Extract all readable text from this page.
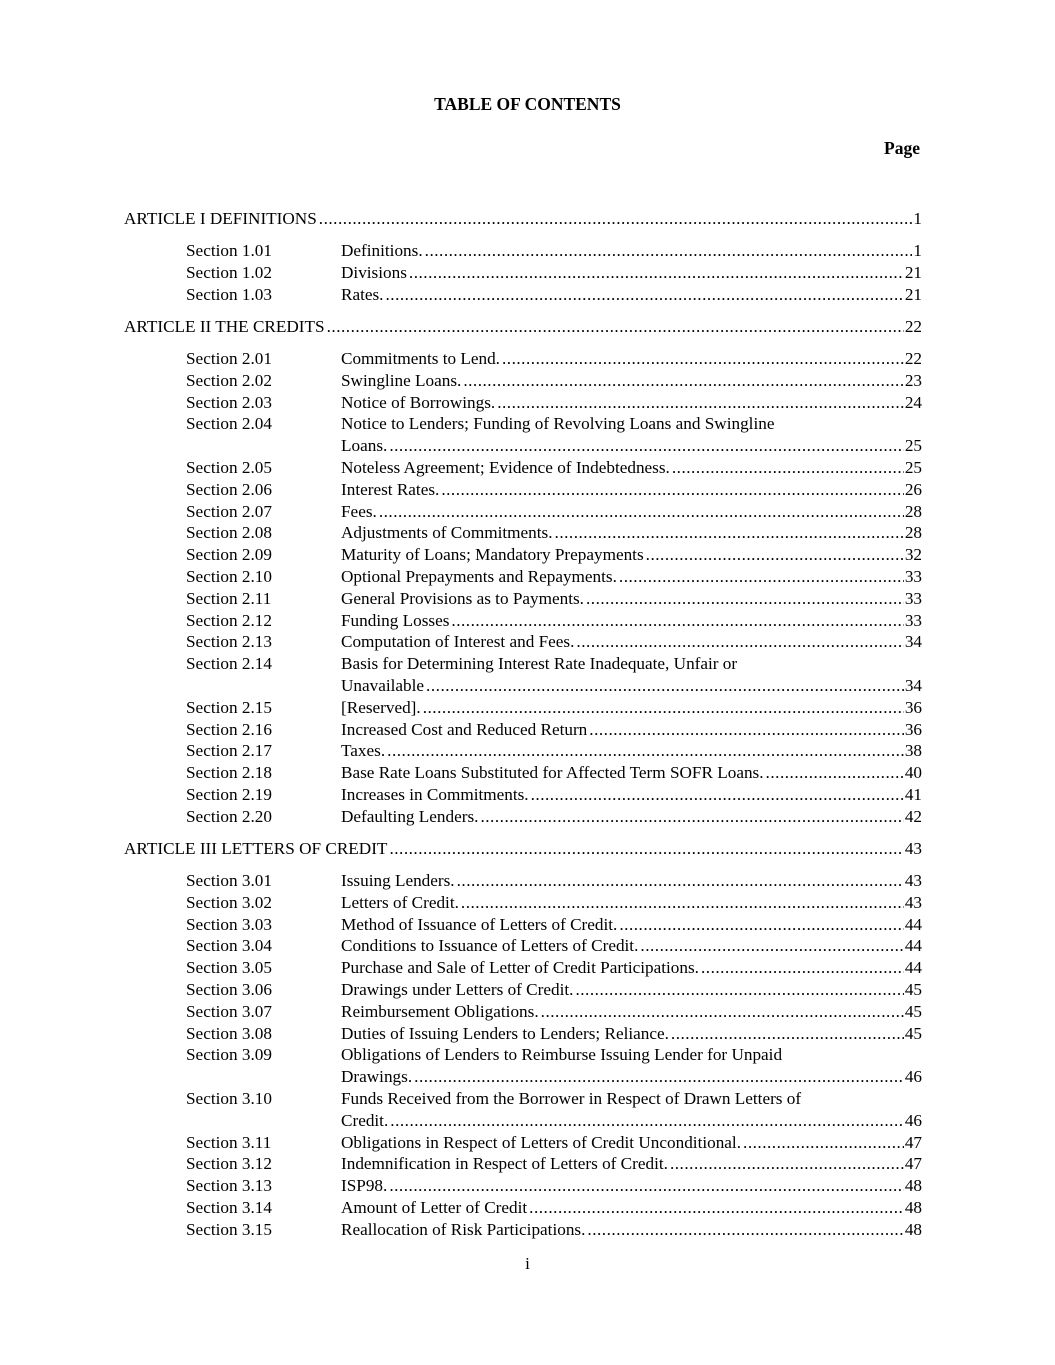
TABLE OF CONTENTS
Page
ARTICLE I DEFINITIONS .....	1
Section 1.01	Definitions. .....	1
Section 1.02	Divisions .....	21
Section 1.03	Rates. .....	21
ARTICLE II THE CREDITS .....	22
Section 2.01	Commitments to Lend. .....	22
Section 2.02	Swingline Loans. .....	23
Section 2.03	Notice of Borrowings. .....	24
Section 2.04	Notice to Lenders; Funding of Revolving Loans and Swingline
Loans. .....	25
Section 2.05	Noteless Agreement; Evidence of Indebtedness. .....	25
Section 2.06	Interest Rates. .....	26
Section 2.07	Fees. .....	28
Section 2.08	Adjustments of Commitments. .....	28
Section 2.09	Maturity of Loans; Mandatory Prepayments .....	32
Section 2.10	Optional Prepayments and Repayments. .....	33
Section 2.11	General Provisions as to Payments. .....	33
Section 2.12	Funding Losses .....	33
Section 2.13	Computation of Interest and Fees. .....	34
Section 2.14	Basis for Determining Interest Rate Inadequate, Unfair or
Unavailable .....	34
Section 2.15	[Reserved]. .....	36
Section 2.16	Increased Cost and Reduced Return .....	36
Section 2.17	Taxes. .....	38
Section 2.18	Base Rate Loans Substituted for Affected Term SOFR Loans. .....	40
Section 2.19	Increases in Commitments. .....	41
Section 2.20	Defaulting Lenders. .....	42
ARTICLE III LETTERS OF CREDIT .....	43
Section 3.01	Issuing Lenders. .....	43
Section 3.02	Letters of Credit. .....	43
Section 3.03	Method of Issuance of Letters of Credit. .....	44
Section 3.04	Conditions to Issuance of Letters of Credit. .....	44
Section 3.05	Purchase and Sale of Letter of Credit Participations. .....	44
Section 3.06	Drawings under Letters of Credit. .....	45
Section 3.07	Reimbursement Obligations. .....	45
Section 3.08	Duties of Issuing Lenders to Lenders; Reliance. .....	45
Section 3.09	Obligations of Lenders to Reimburse Issuing Lender for Unpaid
Drawings. .....	46
Section 3.10	Funds Received from the Borrower in Respect of Drawn Letters of
Credit. .....	46
Section 3.11	Obligations in Respect of Letters of Credit Unconditional. .....	47
Section 3.12	Indemnification in Respect of Letters of Credit. .....	47
Section 3.13	ISP98. .....	48
Section 3.14	Amount of Letter of Credit .....	48
Section 3.15	Reallocation of Risk Participations. .....	48
i
